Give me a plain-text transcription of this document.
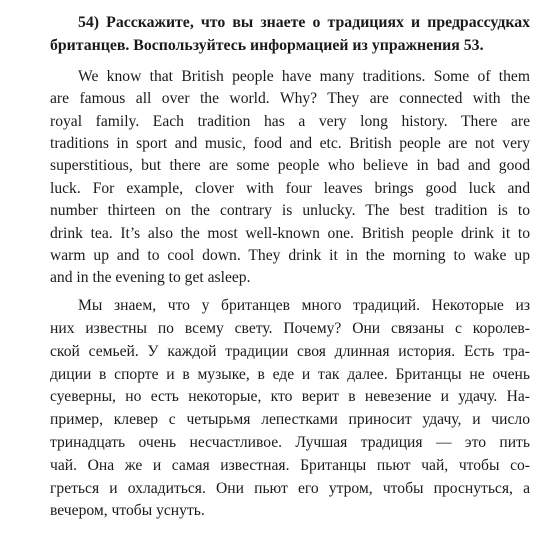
54) Расскажите, что вы знаете о традициях и предрассудках
британцев. Воспользуйтесь информацией из упражнения 53.
We know that British people have many traditions. Some of them
are famous all over the world. Why? They are connected with the
royal family. Each tradition has a very long history. There are
traditions in sport and music, food and etc. British people are not very
superstitious, but there are some people who believe in bad and good
luck. For example, clover with four leaves brings good luck and
number thirteen on the contrary is unlucky. The best tradition is to
drink tea. It’s also the most well-known one. British people drink it to
warm up and to cool down. They drink it in the morning to wake up
and in the evening to get asleep.
Мы знаем, что у британцев много традиций. Некоторые из
них известны по всему свету. Почему? Они связаны с королев-
ской семьей. У каждой традиции своя длинная история. Есть тра-
диции в спорте и в музыке, в еде и так далее. Британцы не очень
суеверны, но есть некоторые, кто верит в невезение и удачу. На-
пример, клевер с четырьмя лепестками приносит удачу, и число
тринадцать очень несчастливое. Лучшая традиция — это пить
чай. Она же и самая известная. Британцы пьют чай, чтобы со-
греться и охладиться. Они пьют его утром, чтобы проснуться, а
вечером, чтобы уснуть.
